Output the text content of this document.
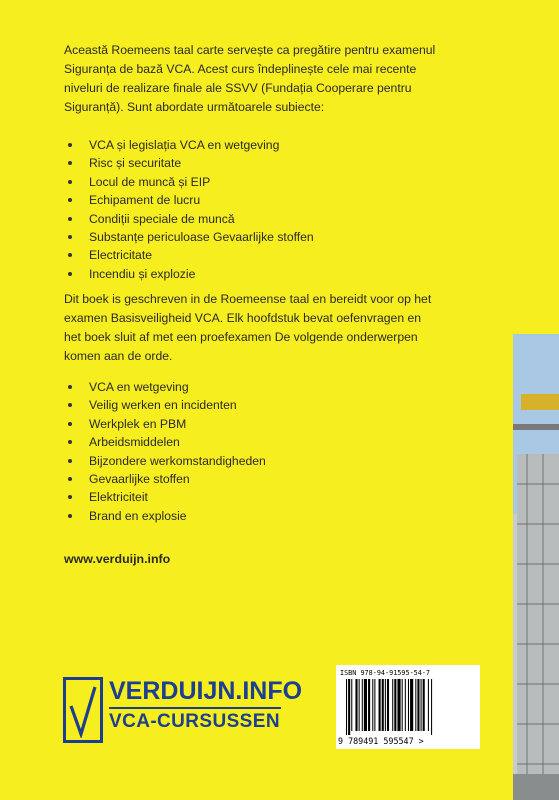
Această Roemeens taal carte servește ca pregătire pentru examenul Siguranța de bază VCA. Acest curs îndeplinește cele mai recente niveluri de realizare finale ale SSVV (Fundația Cooperare pentru Siguranță). Sunt abordate următoarele subiecte:

VCA și legislația VCA en wetgeving
Risc și securitate
Locul de muncă și EIP
Echipament de lucru
Condiții speciale de muncă
Substanțe periculoase Gevaarlijke stoffen
Electricitate
Incendiu și explozie

Dit boek is geschreven in de Roemeense taal en bereidt voor op het examen Basisveiligheid VCA. Elk hoofdstuk bevat oefenvragen en het boek sluit af met een proefexamen De volgende onderwerpen komen aan de orde.

VCA en wetgeving
Veilig werken en incidenten
Werkplek en PBM
Arbeidsmiddelen
Bijzondere werkomstandigheden
Gevaarlijke stoffen
Elektriciteit
Brand en explosie
www.verduijn.info
VERDUIJN.INFO
VCA-CURSUSSEN
ISBN 978-94-91595-54-7
9 789491 595547 >
